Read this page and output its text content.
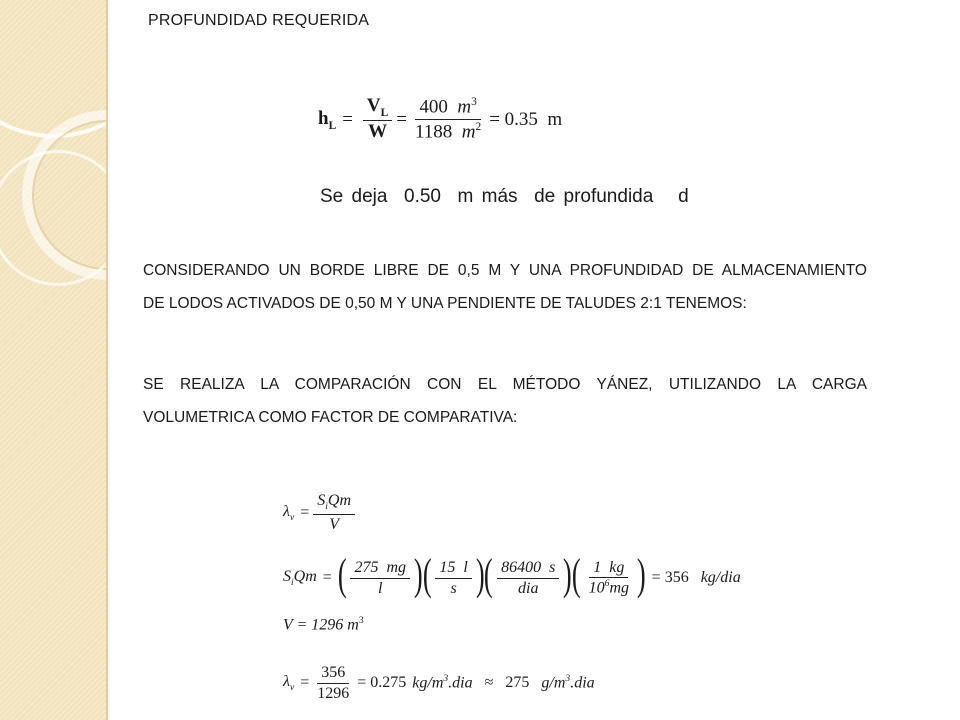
PROFUNDIDAD REQUERIDA
$h_L = \frac{V_L}{W} = \frac{400 m^3}{1188 m^2} = 0.35$  m
Se deja  0.50  m más  de profundida   d
CONSIDERANDO UN BORDE LIBRE DE 0,5 M Y UNA PROFUNDIDAD DE ALMACENAMIENTO
DE LODOS ACTIVADOS DE 0,50 M Y UNA PENDIENTE DE TALUDES 2:1 TENEMOS:
SE REALIZA LA COMPARACIÓN CON EL MÉTODO YÁNEZ, UTILIZANDO LA CARGA
VOLUMETRICA COMO FACTOR DE COMPARATIVA:
$\lambda_v = \frac{S_iQm}{V}$
$S_iQm$ = ( $\frac{275 mg}{l}$ ) ( $\frac{15 l}{s}$ ) ( $\frac{86400 s}{\text{dia}}$ ) ( $\frac{1 kg}{10^6mg}$ ) = 356 kg/dia
V = 1296 $m^3$
$\lambda_v = \frac{356}{1296} = 0.275$ $kg/m^3.dia \approx 275$ $g/m^3.dia$
